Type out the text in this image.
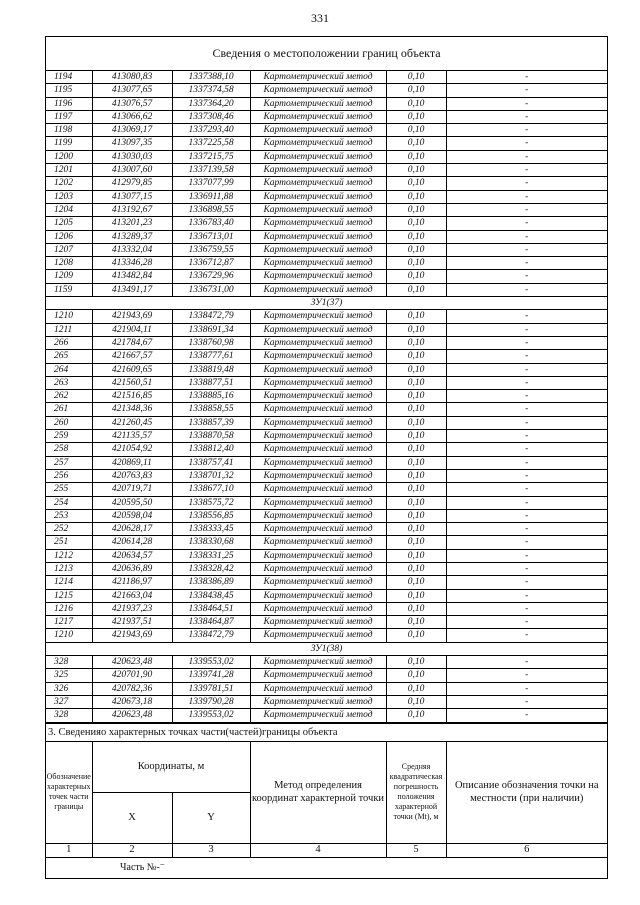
331
Сведения о местоположении границ объекта
1194	413080,83	1337388,10	Картометрический метод	0,10	-
1195	413077,65	1337374,58	Картометрический метод	0,10	-
1196	413076,57	1337364,20	Картометрический метод	0,10	-
1197	413066,62	1337308,46	Картометрический метод	0,10	-
1198	413069,17	1337293,40	Картометрический метод	0,10	-
1199	413097,35	1337225,58	Картометрический метод	0,10	-
1200	413030,03	1337215,75	Картометрический метод	0,10	-
1201	413007,60	1337139,58	Картометрический метод	0,10	-
1202	412979,85	1337077,99	Картометрический метод	0,10	-
1203	413077,15	1336911,88	Картометрический метод	0,10	-
1204	413192,67	1336898,55	Картометрический метод	0,10	-
1205	413201,23	1336783,40	Картометрический метод	0,10	-
1206	413289,37	1336713,01	Картометрический метод	0,10	-
1207	413332,04	1336759,55	Картометрический метод	0,10	-
1208	413346,28	1336712,87	Картометрический метод	0,10	-
1209	413482,84	1336729,96	Картометрический метод	0,10	-
1159	413491,17	1336731,00	Картометрический метод	0,10	-
ЗУ1(37)					
1210	421943,69	1338472,79	Картометрический метод	0,10	-
1211	421904,11	1338691,34	Картометрический метод	0,10	-
266	421784,67	1338760,98	Картометрический метод	0,10	-
265	421667,57	1338777,61	Картометрический метод	0,10	-
264	421609,65	1338819,48	Картометрический метод	0,10	-
263	421560,51	1338877,51	Картометрический метод	0,10	-
262	421516,85	1338885,16	Картометрический метод	0,10	-
261	421348,36	1338858,55	Картометрический метод	0,10	-
260	421260,45	1338857,39	Картометрический метод	0,10	-
259	421135,57	1338870,58	Картометрический метод	0,10	-
258	421054,92	1338812,40	Картометрический метод	0,10	-
257	420869,11	1338757,41	Картометрический метод	0,10	-
256	420763,83	1338701,32	Картометрический метод	0,10	-
255	420719,71	1338677,10	Картометрический метод	0,10	-
254	420595,50	1338575,72	Картометрический метод	0,10	-
253	420598,04	1338556,85	Картометрический метод	0,10	-
252	420628,17	1338333,45	Картометрический метод	0,10	-
251	420614,28	1338330,68	Картометрический метод	0,10	-
1212	420634,57	1338331,25	Картометрический метод	0,10	-
1213	420636,89	1338328,42	Картометрический метод	0,10	-
1214	421186,97	1338386,89	Картометрический метод	0,10	-
1215	421663,04	1338438,45	Картометрический метод	0,10	-
1216	421937,23	1338464,51	Картометрический метод	0,10	-
1217	421937,51	1338464,87	Картометрический метод	0,10	-
1210	421943,69	1338472,79	Картометрический метод	0,10	-
ЗУ1(38)					
328	420623,48	1339553,02	Картометрический метод	0,10	-
325	420701,90	1339741,28	Картометрический метод	0,10	-
326	420782,36	1339781,51	Картометрический метод	0,10	-
327	420673,18	1339790,28	Картометрический метод	0,10	-
328	420623,48	1339553,02	Картометрический метод	0,10	-
3. Сведенияо характерных точках части(частей)границы объекта
Обозначение характерных точек части границы	Координаты, м		Метод определения координат характерной точки	Средняя квадратическая погрешность положения характерной точки (Mt), м	Описание обозначения точки на местности (при наличии)
	X	Y			
1	2	3	4	5	6
Часть №-⁻
